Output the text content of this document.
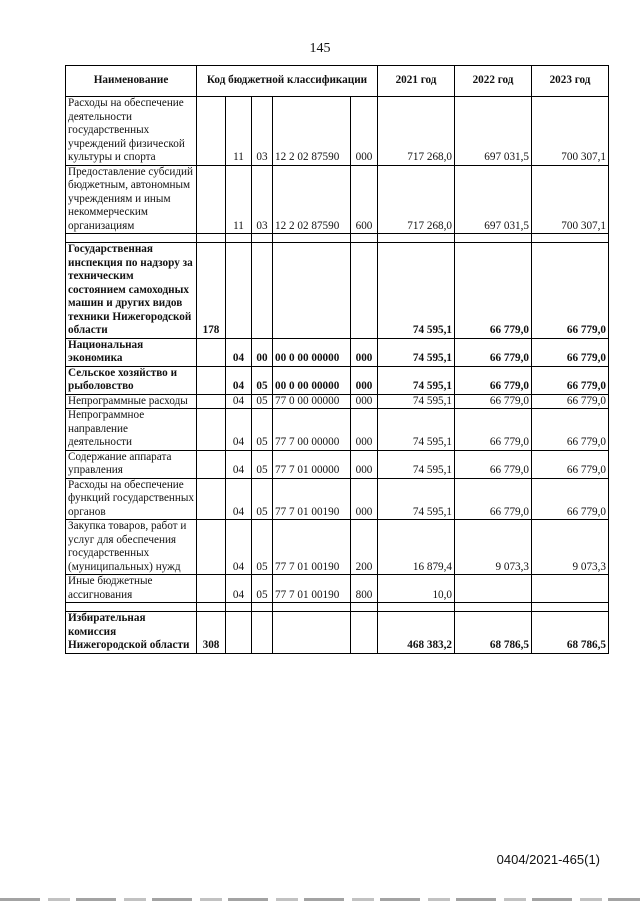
145
Наименование	Код бюджетной классификации					2021 год	2022 год	2023 год
Расходы на обеспечение деятельности государственных учреждений физической культуры и спорта		11	03	12 2 02 87590	000	717 268,0	697 031,5	700 307,1
Предоставление субсидий бюджетным, автономным учреждениям и иным некоммерческим организациям		11	03	12 2 02 87590	600	717 268,0	697 031,5	700 307,1

Государственная инспекция по надзору за техническим состоянием самоходных машин и других видов техники Нижегородской области	178					74 595,1	66 779,0	66 779,0
Национальная экономика		04	00	00 0 00 00000	000	74 595,1	66 779,0	66 779,0
Сельское хозяйство и рыболовство		04	05	00 0 00 00000	000	74 595,1	66 779,0	66 779,0
Непрограммные расходы		04	05	77 0 00 00000	000	74 595,1	66 779,0	66 779,0
Непрограммное направление деятельности		04	05	77 7 00 00000	000	74 595,1	66 779,0	66 779,0
Содержание аппарата управления		04	05	77 7 01 00000	000	74 595,1	66 779,0	66 779,0
Расходы на обеспечение функций государственных органов		04	05	77 7 01 00190	000	74 595,1	66 779,0	66 779,0
Закупка товаров, работ и услуг для обеспечения государственных (муниципальных) нужд		04	05	77 7 01 00190	200	16 879,4	9 073,3	9 073,3
Иные бюджетные ассигнования		04	05	77 7 01 00190	800	10,0		

Избирательная комиссия Нижегородской области	308					468 383,2	68 786,5	68 786,5
0404/2021-465(1)
